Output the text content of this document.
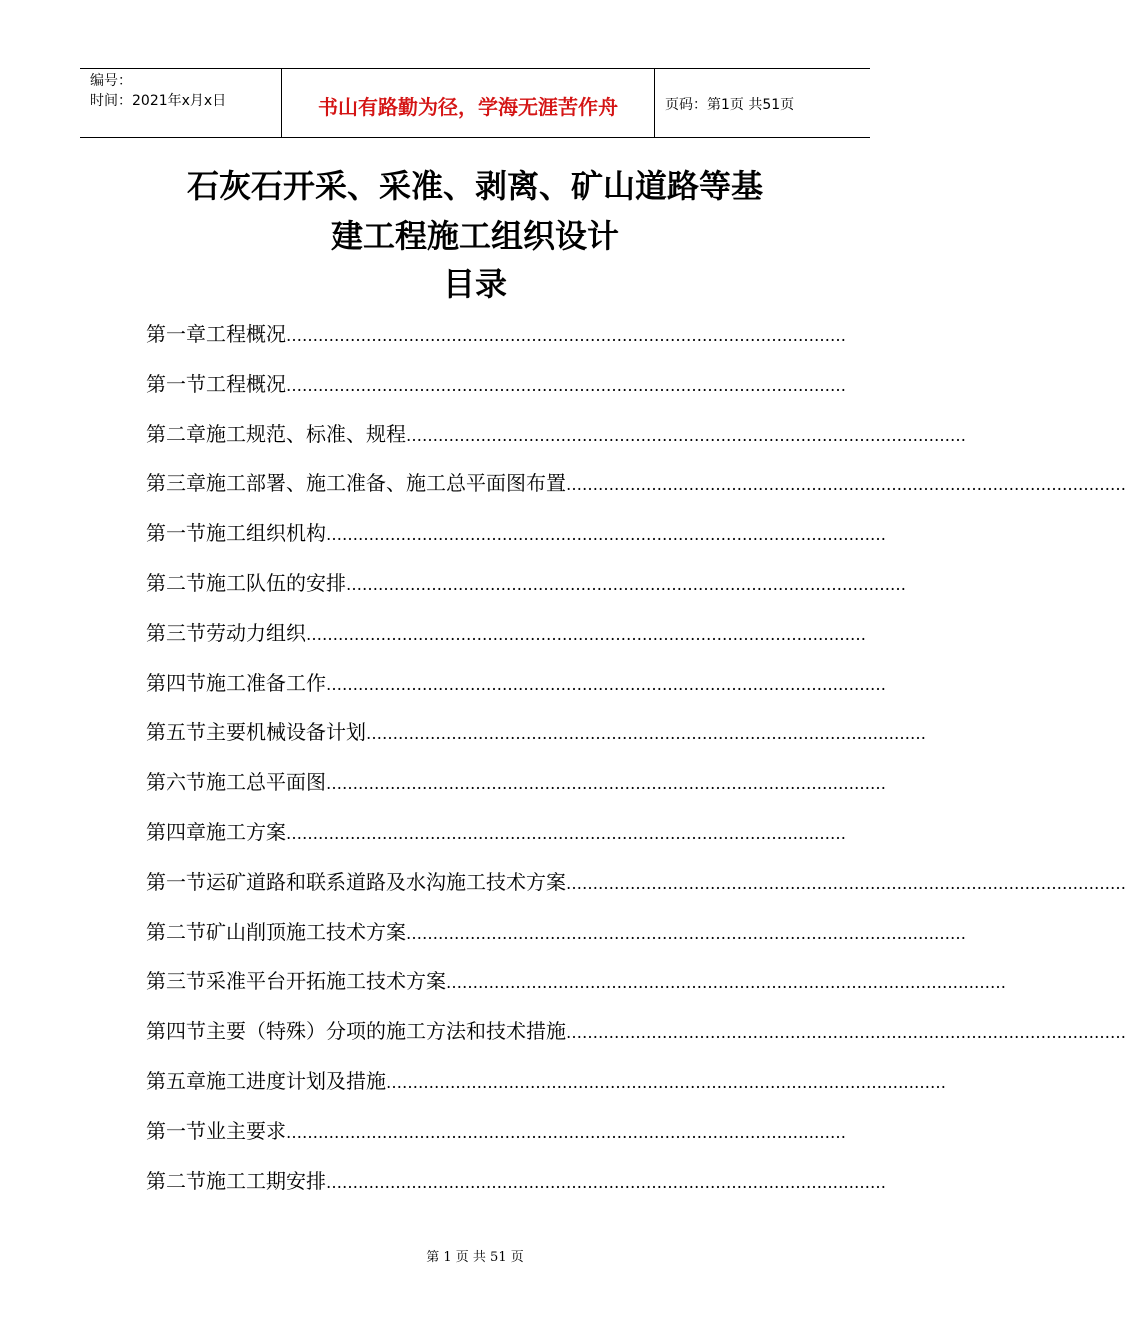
编号：
时间：2021年x月x日	书山有路勤为径，学海无涯苦作舟	页码：第1页 共51页
石灰石开采、采准、剥离、矿山道路等基
建工程施工组织设计
目录
第一章工程概况 ……………………………………………………………………………………………
第一节工程概况 ……………………………………………………………………………………………
第二章施工规范、标准、规程 ……………………………………………………………………………………………
第三章施工部署、施工准备、施工总平面图布置 ……………………………………………………………………………………………
第一节施工组织机构 ……………………………………………………………………………………………
第二节施工队伍的安排 ……………………………………………………………………………………………
第三节劳动力组织 ……………………………………………………………………………………………
第四节施工准备工作 ……………………………………………………………………………………………
第五节主要机械设备计划 ……………………………………………………………………………………………
第六节施工总平面图 ……………………………………………………………………………………………
第四章施工方案 ……………………………………………………………………………………………
第一节运矿道路和联系道路及水沟施工技术方案 ……………………………………………………………………………………………
第二节矿山削顶施工技术方案 ……………………………………………………………………………………………
第三节采准平台开拓施工技术方案 ……………………………………………………………………………………………
第四节主要（特殊）分项的施工方法和技术措施 ……………………………………………………………………………………………
第五章施工进度计划及措施 ……………………………………………………………………………………………
第一节业主要求 ……………………………………………………………………………………………
第二节施工工期安排 ……………………………………………………………………………………………
第 1 页 共 51 页
